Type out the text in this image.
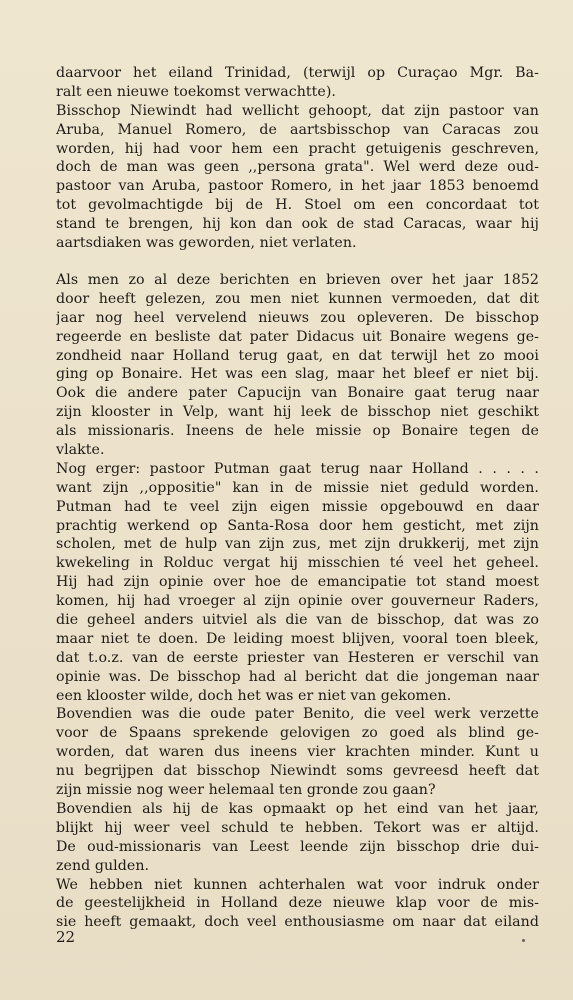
daarvoor het eiland Trinidad, (terwijl op Curaçao Mgr. Ba-
ralt een nieuwe toekomst verwachtte).
Bisschop Niewindt had wellicht gehoopt, dat zijn pastoor van
Aruba, Manuel Romero, de aartsbisschop van Caracas zou
worden, hij had voor hem een pracht getuigenis geschreven,
doch de man was geen ,,persona grata". Wel werd deze oud-
pastoor van Aruba, pastoor Romero, in het jaar 1853 benoemd
tot gevolmachtigde bij de H. Stoel om een concordaat tot
stand te brengen, hij kon dan ook de stad Caracas, waar hij
aartsdiaken was geworden, niet verlaten.
Als men zo al deze berichten en brieven over het jaar 1852
door heeft gelezen, zou men niet kunnen vermoeden, dat dit
jaar nog heel vervelend nieuws zou opleveren. De bisschop
regeerde en besliste dat pater Didacus uit Bonaire wegens ge-
zondheid naar Holland terug gaat, en dat terwijl het zo mooi
ging op Bonaire. Het was een slag, maar het bleef er niet bij.
Ook die andere pater Capucijn van Bonaire gaat terug naar
zijn klooster in Velp, want hij leek de bisschop niet geschikt
als missionaris. Ineens de hele missie op Bonaire tegen de
vlakte.
Nog erger: pastoor Putman gaat terug naar Holland . . . . .
want zijn ,,oppositie" kan in de missie niet geduld worden.
Putman had te veel zijn eigen missie opgebouwd en daar
prachtig werkend op Santa-Rosa door hem gesticht, met zijn
scholen, met de hulp van zijn zus, met zijn drukkerij, met zijn
kwekeling in Rolduc vergat hij misschien té veel het geheel.
Hij had zijn opinie over hoe de emancipatie tot stand moest
komen, hij had vroeger al zijn opinie over gouverneur Raders,
die geheel anders uitviel als die van de bisschop, dat was zo
maar niet te doen. De leiding moest blijven, vooral toen bleek,
dat t.o.z. van de eerste priester van Hesteren er verschil van
opinie was. De bisschop had al bericht dat die jongeman naar
een klooster wilde, doch het was er niet van gekomen.
Bovendien was die oude pater Benito, die veel werk verzette
voor de Spaans sprekende gelovigen zo goed als blind ge-
worden, dat waren dus ineens vier krachten minder. Kunt u
nu begrijpen dat bisschop Niewindt soms gevreesd heeft dat
zijn missie nog weer helemaal ten gronde zou gaan?
Bovendien als hij de kas opmaakt op het eind van het jaar,
blijkt hij weer veel schuld te hebben. Tekort was er altijd.
De oud-missionaris van Leest leende zijn bisschop drie dui-
zend gulden.
We hebben niet kunnen achterhalen wat voor indruk onder
de geestelijkheid in Holland deze nieuwe klap voor de mis-
sie heeft gemaakt, doch veel enthousiasme om naar dat eiland
22
